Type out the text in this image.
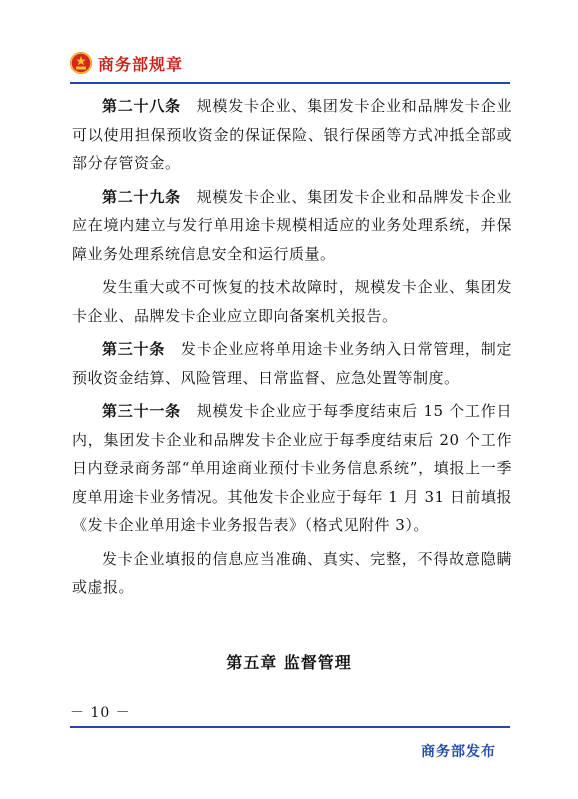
商务部规章

第二十八条　规模发卡企业、集团发卡企业和品牌发卡企业可以使用担保预收资金的保证保险、银行保函等方式冲抵全部或部分存管资金。

第二十九条　规模发卡企业、集团发卡企业和品牌发卡企业应在境内建立与发行单用途卡规模相适应的业务处理系统，并保障业务处理系统信息安全和运行质量。

发生重大或不可恢复的技术故障时，规模发卡企业、集团发卡企业、品牌发卡企业应立即向备案机关报告。

第三十条　发卡企业应将单用途卡业务纳入日常管理，制定预收资金结算、风险管理、日常监督、应急处置等制度。

第三十一条　规模发卡企业应于每季度结束后 15 个工作日内，集团发卡企业和品牌发卡企业应于每季度结束后 20 个工作日内登录商务部“单用途商业预付卡业务信息系统”，填报上一季度单用途卡业务情况。其他发卡企业应于每年 1 月 31 日前填报《发卡企业单用途卡业务报告表》（格式见附件 3）。

发卡企业填报的信息应当准确、真实、完整，不得故意隐瞒或虚报。

第五章 监督管理
－ 10 －
商务部发布
